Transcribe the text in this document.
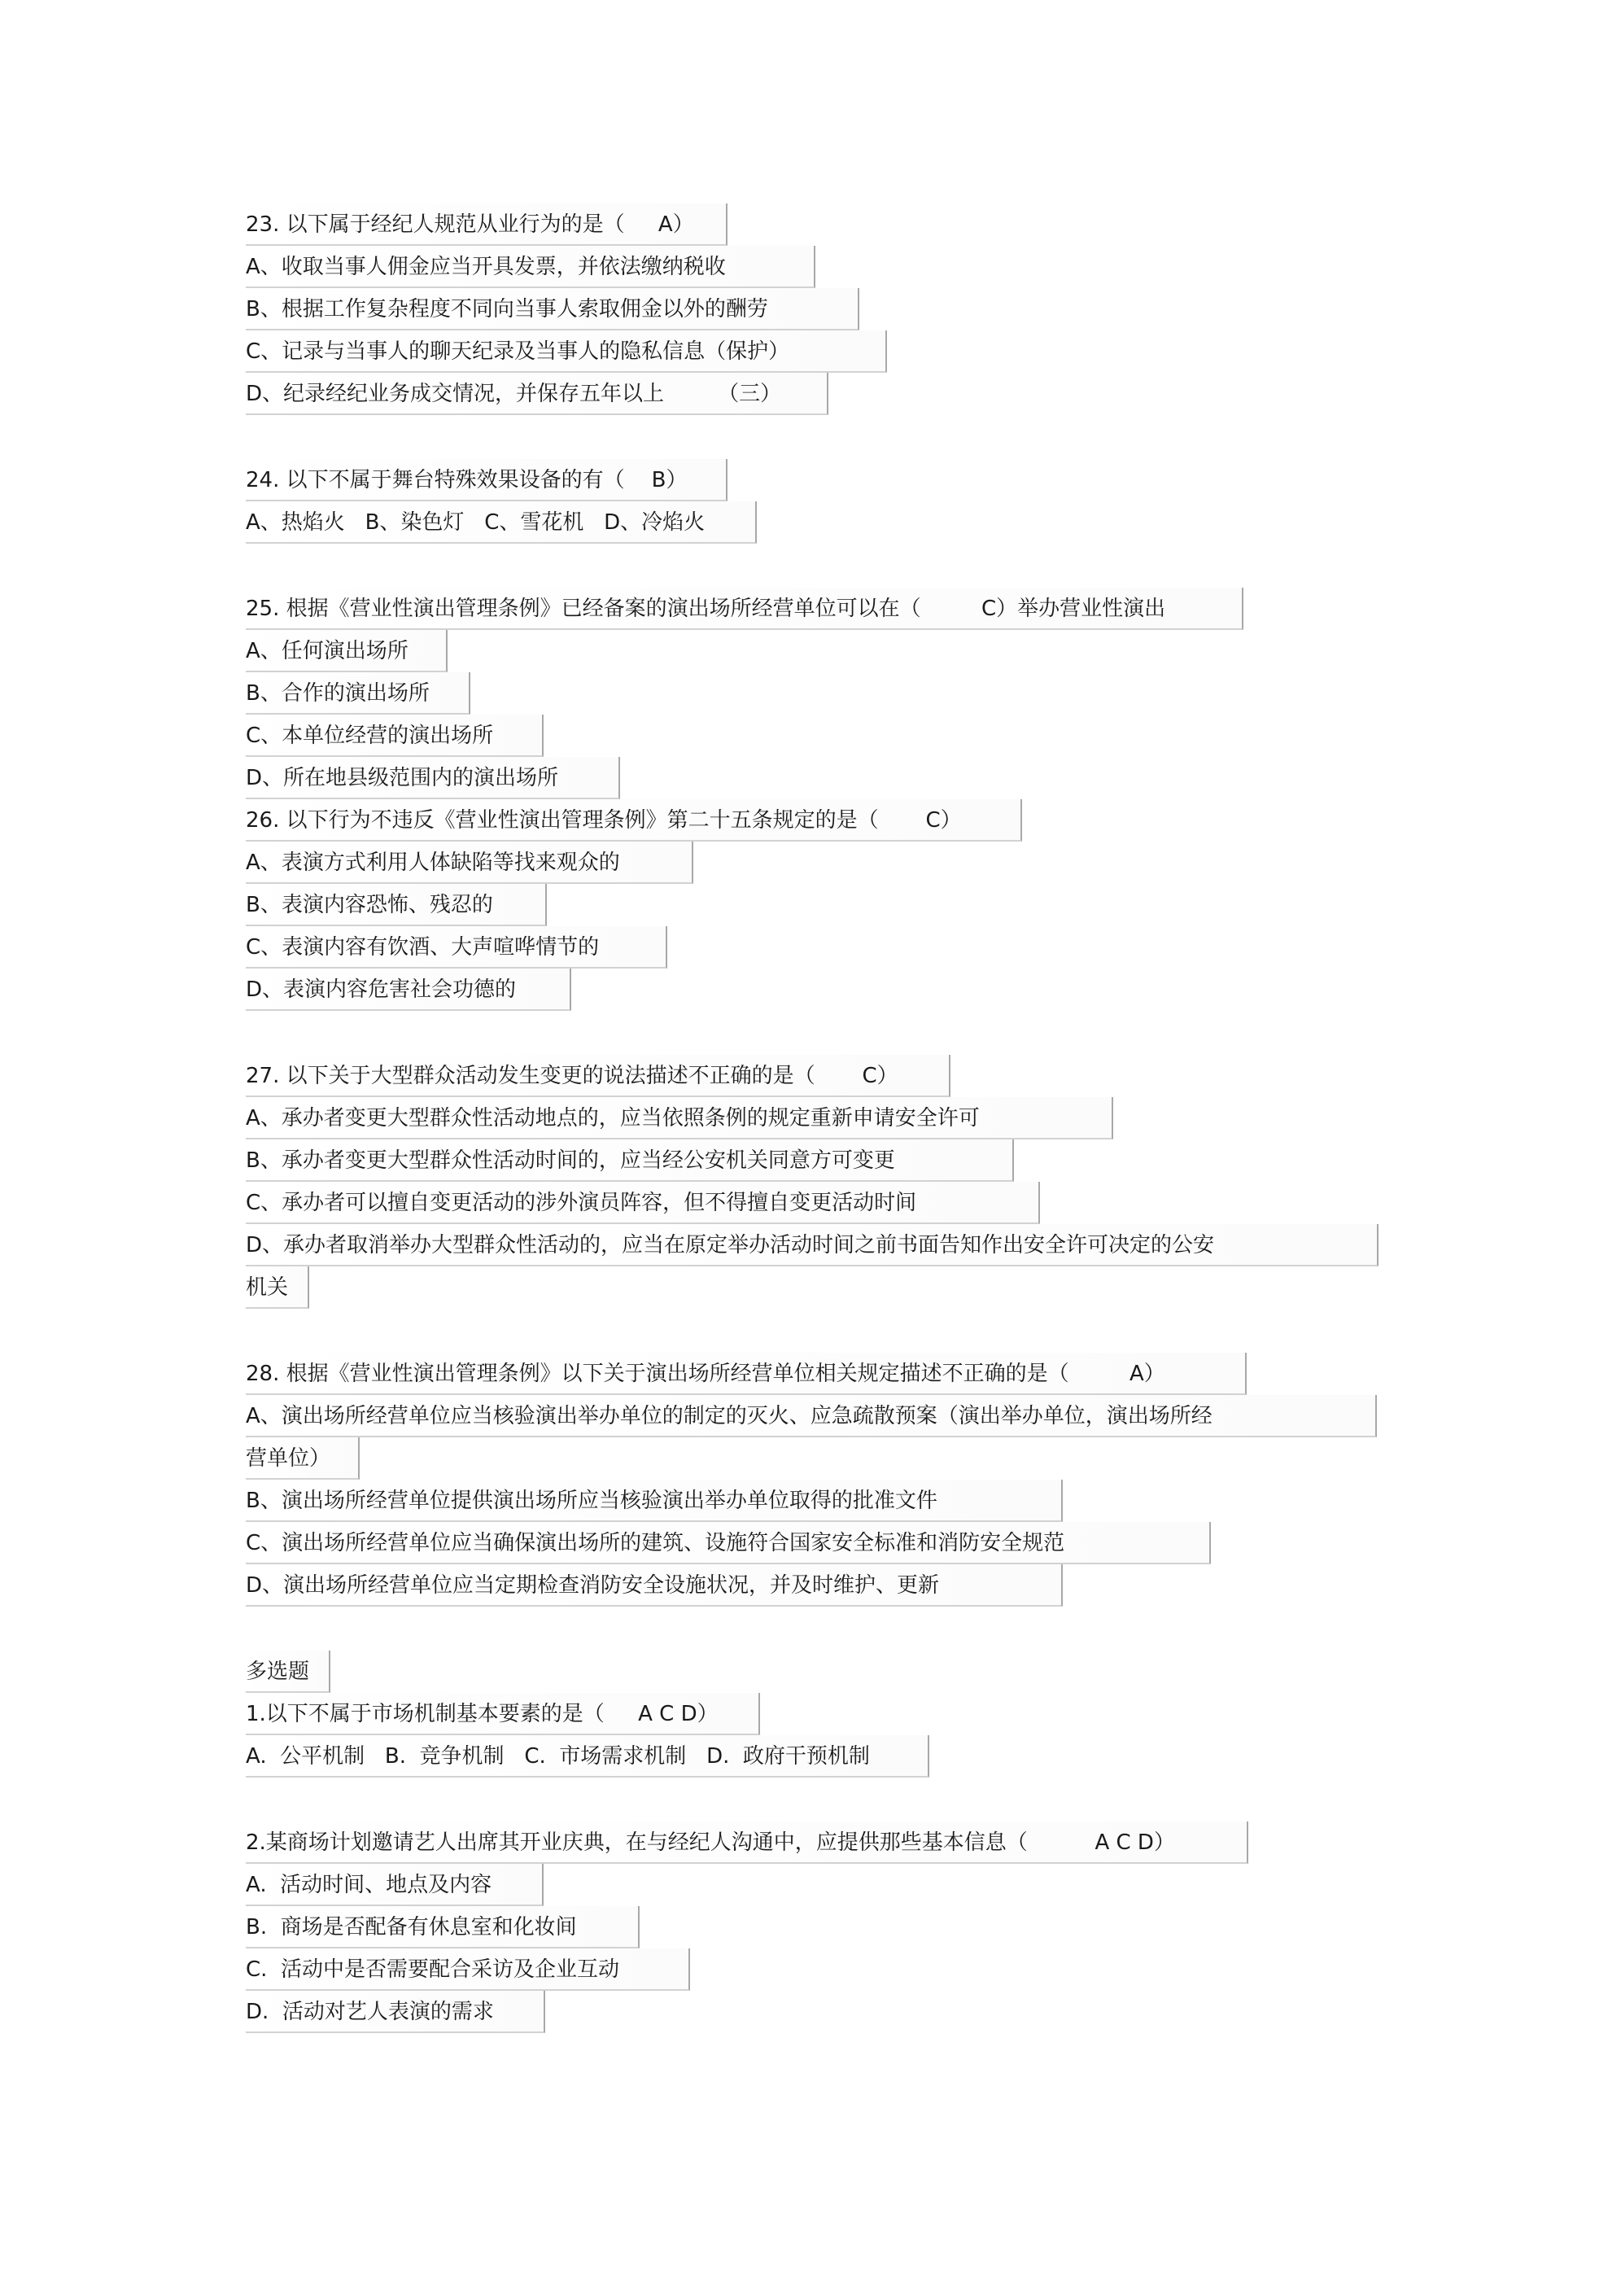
23. 以下属于经纪人规范从业行为的是（     A）
A、收取当事人佣金应当开具发票，并依法缴纳税收
B、根据工作复杂程度不同向当事人索取佣金以外的酬劳
C、记录与当事人的聊天纪录及当事人的隐私信息（保护）
D、纪录经纪业务成交情况，并保存五年以上        （三）
24. 以下不属于舞台特殊效果设备的有（    B）
A、热焰火   B、染色灯   C、雪花机   D、冷焰火
25. 根据《营业性演出管理条例》已经备案的演出场所经营单位可以在（         C）举办营业性演出
A、任何演出场所
B、合作的演出场所
C、本单位经营的演出场所
D、所在地县级范围内的演出场所
26. 以下行为不违反《营业性演出管理条例》第二十五条规定的是（       C）
A、表演方式利用人体缺陷等找来观众的
B、表演内容恐怖、残忍的
C、表演内容有饮酒、大声喧哗情节的
D、表演内容危害社会功德的
27. 以下关于大型群众活动发生变更的说法描述不正确的是（       C）
A、承办者变更大型群众性活动地点的，应当依照条例的规定重新申请安全许可
B、承办者变更大型群众性活动时间的，应当经公安机关同意方可变更
C、承办者可以擅自变更活动的涉外演员阵容，但不得擅自变更活动时间
D、承办者取消举办大型群众性活动的，应当在原定举办活动时间之前书面告知作出安全许可决定的公安
机关
28. 根据《营业性演出管理条例》以下关于演出场所经营单位相关规定描述不正确的是（         A）
A、演出场所经营单位应当核验演出举办单位的制定的灭火、应急疏散预案（演出举办单位，演出场所经
营单位）
B、演出场所经营单位提供演出场所应当核验演出举办单位取得的批准文件
C、演出场所经营单位应当确保演出场所的建筑、设施符合国家安全标准和消防安全规范
D、演出场所经营单位应当定期检查消防安全设施状况，并及时维护、更新
多选题
1.以下不属于市场机制基本要素的是（     A C D）
A.  公平机制   B.  竞争机制   C.  市场需求机制   D.  政府干预机制
2.某商场计划邀请艺人出席其开业庆典，在与经纪人沟通中，应提供那些基本信息（          A C D）
A.  活动时间、地点及内容
B.  商场是否配备有休息室和化妆间
C.  活动中是否需要配合采访及企业互动
D.  活动对艺人表演的需求
